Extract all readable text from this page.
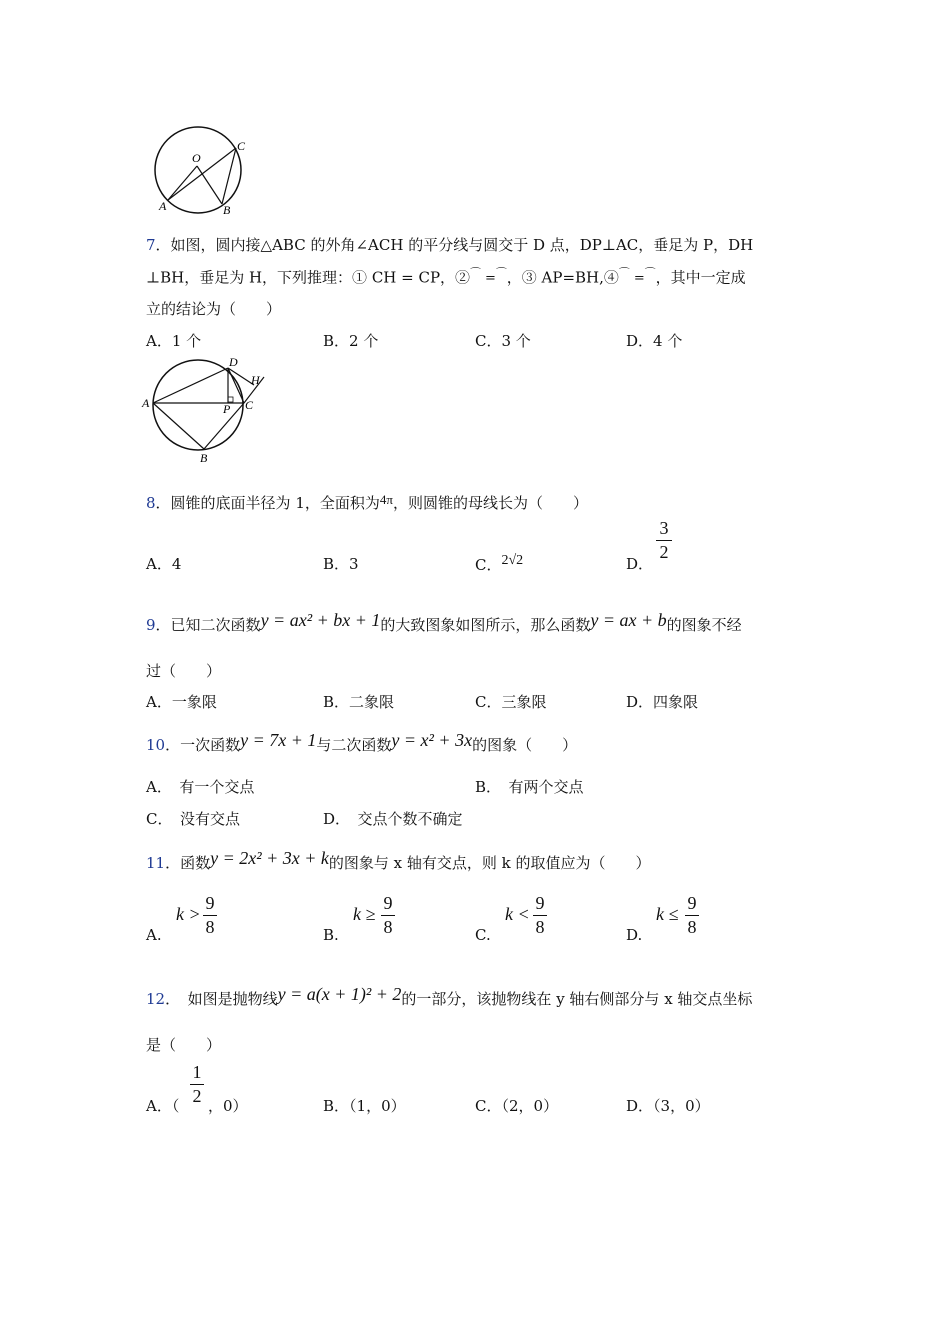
O
C
A	B
7．如图，圆内接△ABC 的外角∠ACH 的平分线与圆交于 D 点，DP⊥AC，垂足为 P，DH
⊥BH，垂足为 H，下列推理：① CH = CP，②⌒ =⌒，③ AP=BH,④⌒ =⌒，其中一定成
立的结论为（　　）
A．1 个	B．2 个	C．3 个	D．4 个
D
H
A	P C
B
8．圆锥的底面半径为 1，全面积为4π，则圆锥的母线长为（　　）
A．4	B．3	C．2√2	D．
3
2
9．已知二次函数y = ax² + bx + 1的大致图象如图所示，那么函数y = ax + b的图象不经
过（　　）
A．一象限	B．二象限	C．三象限	D．四象限
10．一次函数y = 7x + 1与二次函数y = x² + 3x的图象（　　）
A．　有一个交点	B．　有两个交点
C．　没有交点	D．　交点个数不确定
11．函数y = 2x² + 3x + k的图象与 x 轴有交点，则 k 的取值应为（　　）
A.
k >
9
8	B.
k ≥
9
8	C.
k <
9
8	D.
k ≤
9
8
12．　如图是抛物线y = a(x + 1)² + 2的一部分，该抛物线在 y 轴右侧部分与 x 轴交点坐标
是（　　）
A．（
1
2 ，0）	B．（1，0）	C．（2，0）	D．（3，0）
